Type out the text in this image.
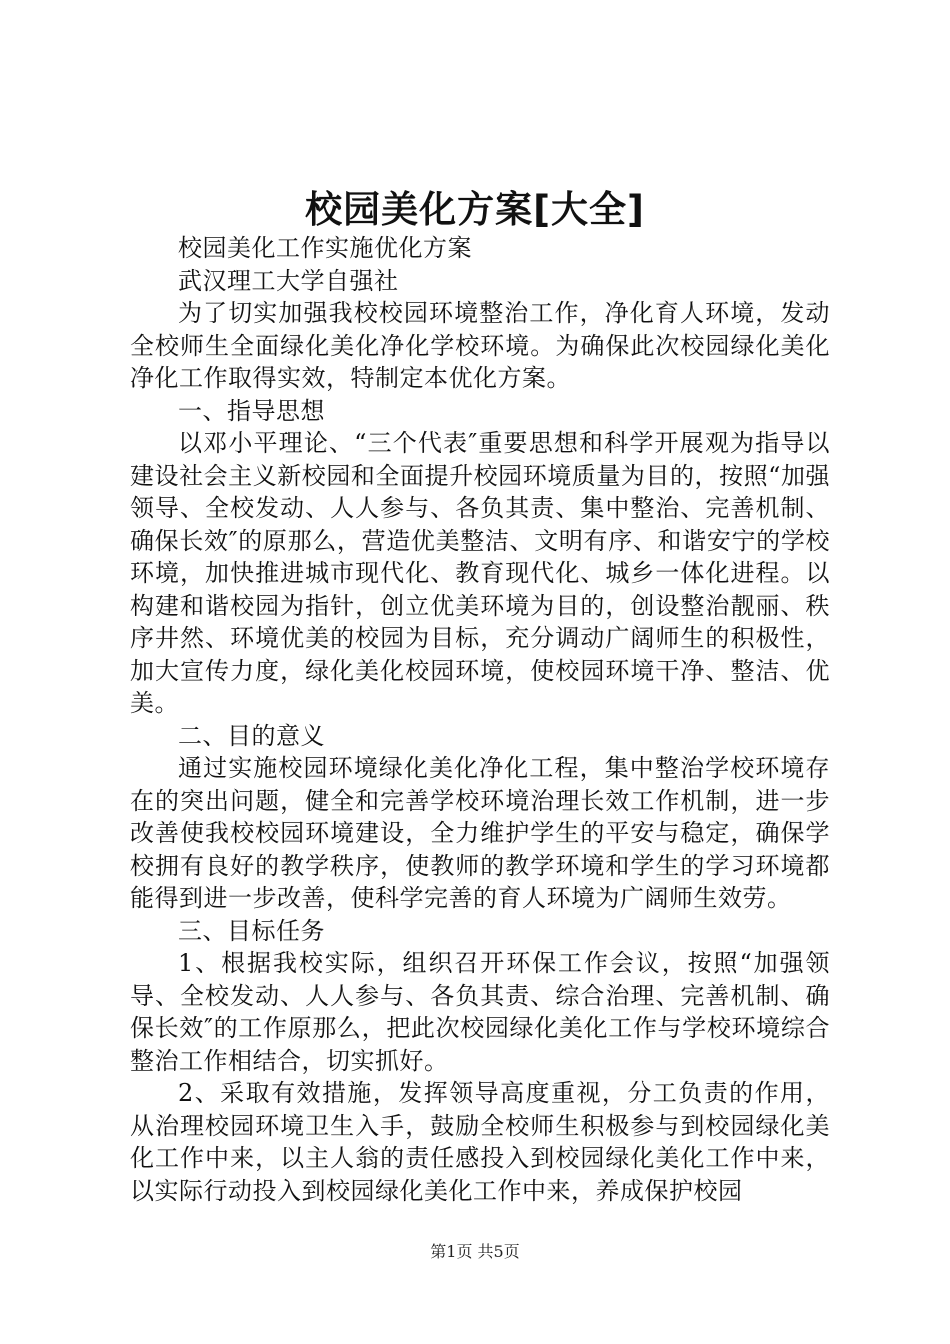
校园美化方案[大全]

校园美化工作实施优化方案

武汉理工大学自强社

为了切实加强我校校园环境整治工作，净化育人环境，发动全校师生全面绿化美化净化学校环境。为确保此次校园绿化美化净化工作取得实效，特制定本优化方案。

一、指导思想

以邓小平理论、“三个代表″重要思想和科学开展观为指导以建设社会主义新校园和全面提升校园环境质量为目的，按照“加强领导、全校发动、人人参与、各负其责、集中整治、完善机制、确保长效″的原那么，营造优美整洁、文明有序、和谐安宁的学校环境，加快推进城市现代化、教育现代化、城乡一体化进程。以构建和谐校园为指针，创立优美环境为目的，创设整治靓丽、秩序井然、环境优美的校园为目标，充分调动广阔师生的积极性，加大宣传力度，绿化美化校园环境，使校园环境干净、整洁、优美。

二、目的意义

通过实施校园环境绿化美化净化工程，集中整治学校环境存在的突出问题，健全和完善学校环境治理长效工作机制，进一步改善使我校校园环境建设，全力维护学生的平安与稳定，确保学校拥有良好的教学秩序，使教师的教学环境和学生的学习环境都能得到进一步改善，使科学完善的育人环境为广阔师生效劳。

三、目标任务

1、根据我校实际，组织召开环保工作会议，按照“加强领导、全校发动、人人参与、各负其责、综合治理、完善机制、确保长效″的工作原那么，把此次校园绿化美化工作与学校环境综合整治工作相结合，切实抓好。

2、采取有效措施，发挥领导高度重视，分工负责的作用，从治理校园环境卫生入手，鼓励全校师生积极参与到校园绿化美化工作中来，以主人翁的责任感投入到校园绿化美化工作中来，以实际行动投入到校园绿化美化工作中来，养成保护校园

第1页 共5页
